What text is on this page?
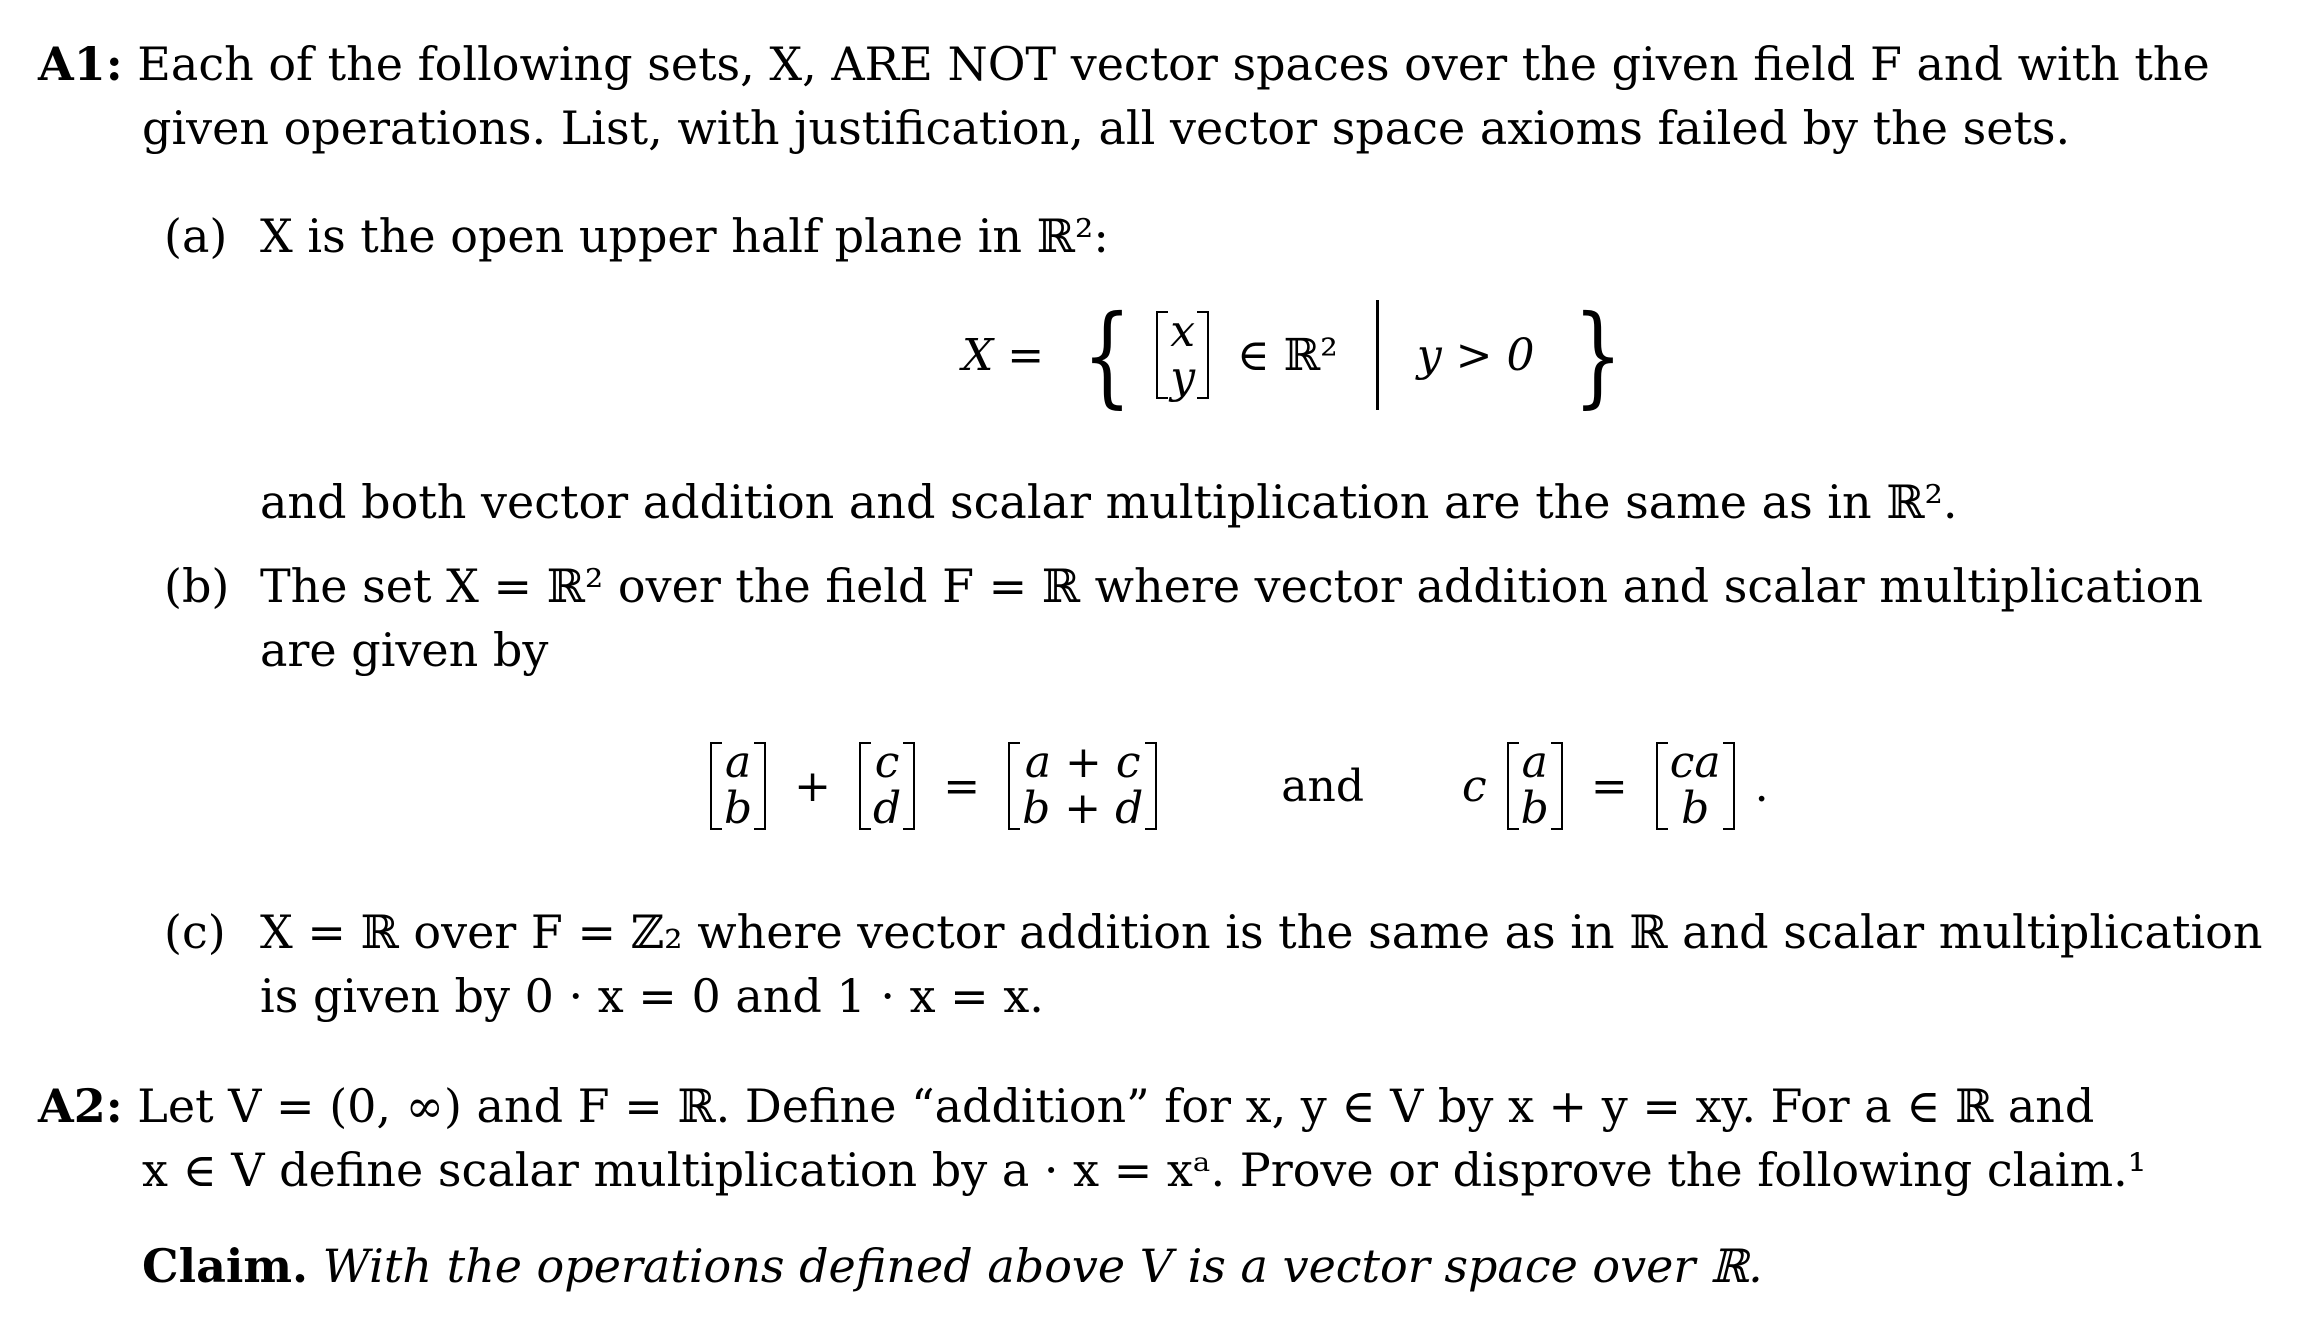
A1: Each of the following sets, X, ARE NOT vector spaces over the given field F and with the
given operations. List, with justification, all vector space axioms failed by the sets.
(a) X is the open upper half plane in ℝ²:
X = { x
y ∈ ℝ² y > 0 }
and both vector addition and scalar multiplication are the same as in ℝ².
(b) The set X = ℝ² over the field F = ℝ where vector addition and scalar multiplication
are given by
a
b + c
d = a + c
b + d	and c a
b = ca
b .
(c) X = ℝ over F = ℤ₂ where vector addition is the same as in ℝ and scalar multiplication
is given by 0 · x = 0 and 1 · x = x.
A2: Let V = (0, ∞) and F = ℝ. Define “addition” for x, y ∈ V by x + y = xy. For a ∈ ℝ and
x ∈ V define scalar multiplication by a · x = xᵃ. Prove or disprove the following claim.¹
Claim. With the operations defined above V is a vector space over ℝ.
